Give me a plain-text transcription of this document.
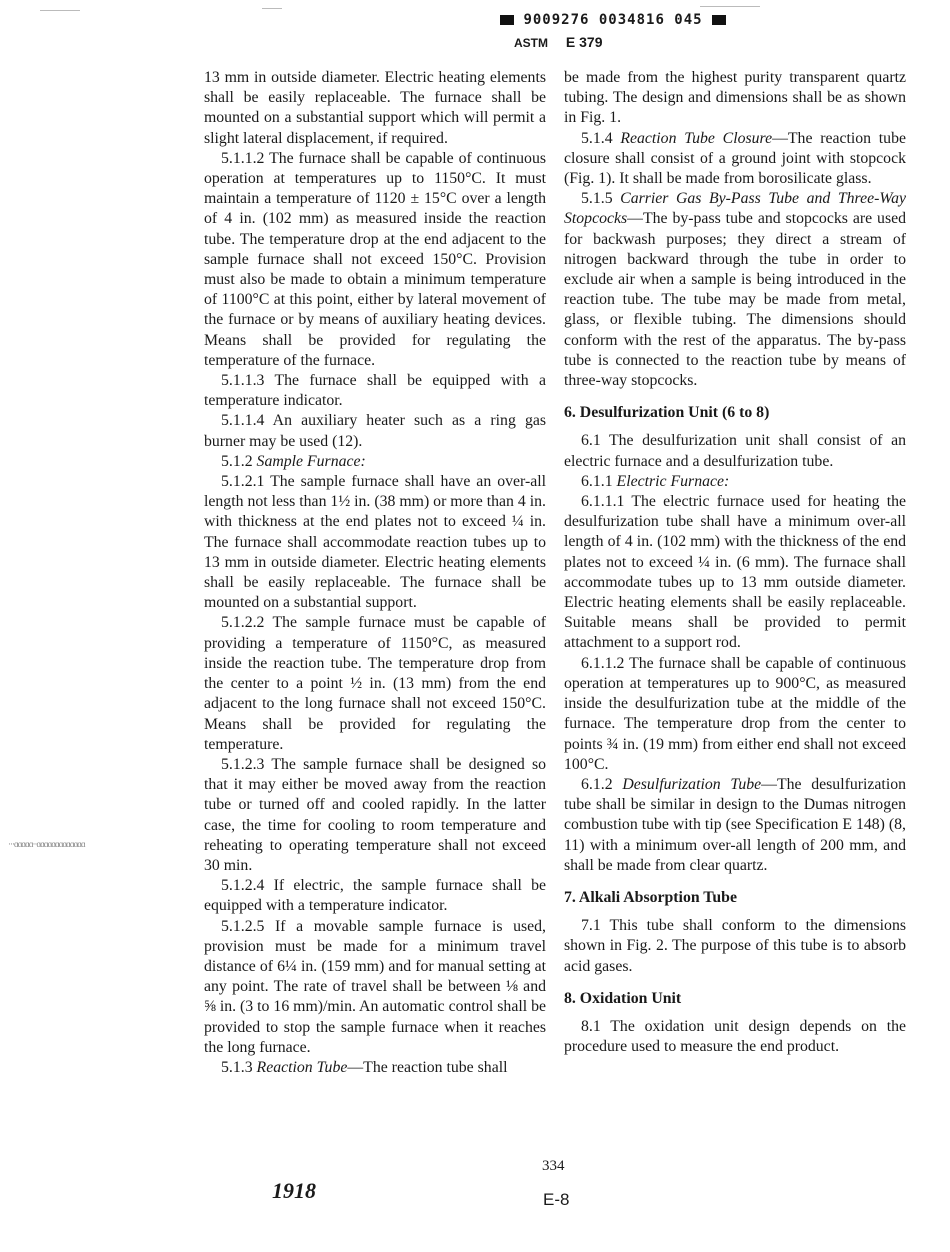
9009276 0034816 045
ASTM E 379
···ɑɑɑɑɑ··ɑɑɑɑɑɑɑɑɑɑɑɑɑ

13 mm in outside diameter. Electric heating elements shall be easily replaceable. The furnace shall be mounted on a substantial support which will permit a slight lateral displacement, if required.

5.1.1.2 The furnace shall be capable of continuous operation at temperatures up to 1150°C. It must maintain a temperature of 1120 ± 15°C over a length of 4 in. (102 mm) as measured inside the reaction tube. The temperature drop at the end adjacent to the sample furnace shall not exceed 150°C. Provision must also be made to obtain a minimum temperature of 1100°C at this point, either by lateral movement of the furnace or by means of auxiliary heating devices. Means shall be provided for regulating the temperature of the furnace.

5.1.1.3 The furnace shall be equipped with a temperature indicator.

5.1.1.4 An auxiliary heater such as a ring gas burner may be used (12).

5.1.2 Sample Furnace:

5.1.2.1 The sample furnace shall have an over-all length not less than 1½ in. (38 mm) or more than 4 in. with thickness at the end plates not to exceed ¼ in. The furnace shall accommodate reaction tubes up to 13 mm in outside diameter. Electric heating elements shall be easily replaceable. The furnace shall be mounted on a substantial support.

5.1.2.2 The sample furnace must be capable of providing a temperature of 1150°C, as measured inside the reaction tube. The temperature drop from the center to a point ½ in. (13 mm) from the end adjacent to the long furnace shall not exceed 150°C. Means shall be provided for regulating the temperature.

5.1.2.3 The sample furnace shall be designed so that it may either be moved away from the reaction tube or turned off and cooled rapidly. In the latter case, the time for cooling to room temperature and reheating to operating temperature shall not exceed 30 min.

5.1.2.4 If electric, the sample furnace shall be equipped with a temperature indicator.

5.1.2.5 If a movable sample furnace is used, provision must be made for a minimum travel distance of 6¼ in. (159 mm) and for manual setting at any point. The rate of travel shall be between ⅛ and ⅝ in. (3 to 16 mm)/min. An automatic control shall be provided to stop the sample furnace when it reaches the long furnace.

5.1.3 Reaction Tube—The reaction tube shall

be made from the highest purity transparent quartz tubing. The design and dimensions shall be as shown in Fig. 1.

5.1.4 Reaction Tube Closure—The reaction tube closure shall consist of a ground joint with stopcock (Fig. 1). It shall be made from borosilicate glass.

5.1.5 Carrier Gas By-Pass Tube and Three-Way Stopcocks—The by-pass tube and stopcocks are used for backwash purposes; they direct a stream of nitrogen backward through the tube in order to exclude air when a sample is being introduced in the reaction tube. The tube may be made from metal, glass, or flexible tubing. The dimensions should conform with the rest of the apparatus. The by-pass tube is connected to the reaction tube by means of three-way stopcocks.

6. Desulfurization Unit (6 to 8)

6.1 The desulfurization unit shall consist of an electric furnace and a desulfurization tube.

6.1.1 Electric Furnace:

6.1.1.1 The electric furnace used for heating the desulfurization tube shall have a minimum over-all length of 4 in. (102 mm) with the thickness of the end plates not to exceed ¼ in. (6 mm). The furnace shall accommodate tubes up to 13 mm outside diameter. Electric heating elements shall be easily replaceable. Suitable means shall be provided to permit attachment to a support rod.

6.1.1.2 The furnace shall be capable of continuous operation at temperatures up to 900°C, as measured inside the desulfurization tube at the middle of the furnace. The temperature drop from the center to points ¾ in. (19 mm) from either end shall not exceed 100°C.

6.1.2 Desulfurization Tube—The desulfurization tube shall be similar in design to the Dumas nitrogen combustion tube with tip (see Specification E 148) (8, 11) with a minimum over-all length of 200 mm, and shall be made from clear quartz.

7. Alkali Absorption Tube

7.1 This tube shall conform to the dimensions shown in Fig. 2. The purpose of this tube is to absorb acid gases.

8. Oxidation Unit

8.1 The oxidation unit design depends on the procedure used to measure the end product.

334
1918	E-8
